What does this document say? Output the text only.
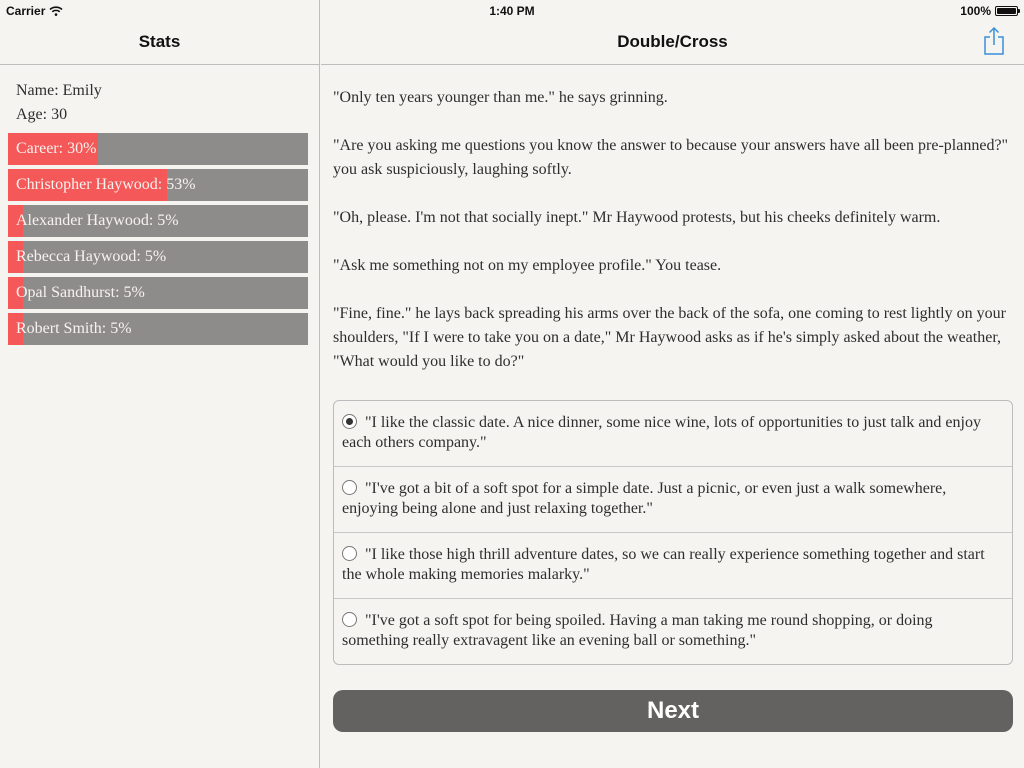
Carrier	1:40 PM	100%
Stats
Name: Emily
Age: 30
Career: 30%
Christopher Haywood: 53%
Alexander Haywood: 5%
Rebecca Haywood: 5%
Opal Sandhurst: 5%
Robert Smith: 5%
Double/Cross

"Only ten years younger than me." he says grinning.

"Are you asking me questions you know the answer to because your answers have all been pre-planned?" you ask suspiciously, laughing softly.

"Oh, please. I'm not that socially inept." Mr Haywood protests, but his cheeks definitely warm.

"Ask me something not on my employee profile." You tease.

"Fine, fine." he lays back spreading his arms over the back of the sofa, one coming to rest lightly on your shoulders, "If I were to take you on a date," Mr Haywood asks as if he's simply asked about the weather, "What would you like to do?"

"I like the classic date. A nice dinner, some nice wine, lots of opportunities to just talk and enjoy each others company."
"I've got a bit of a soft spot for a simple date. Just a picnic, or even just a walk somewhere, enjoying being alone and just relaxing together."
"I like those high thrill adventure dates, so we can really experience something together and start the whole making memories malarky."
"I've got a soft spot for being spoiled. Having a man taking me round shopping, or doing something really extravagent like an evening ball or something."
Next
